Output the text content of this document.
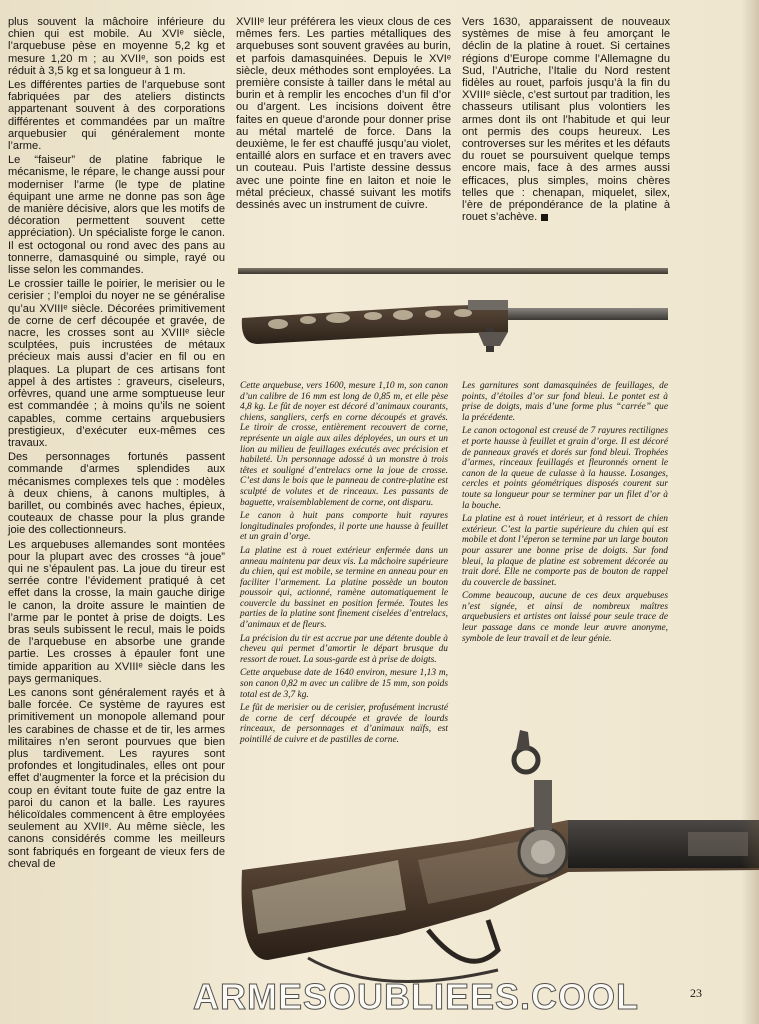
plus souvent la mâchoire inférieure du chien qui est mobile. Au XVIᵉ siècle, l’arquebuse pèse en moyenne 5,2 kg et mesure 1,20 m ; au XVIIᵉ, son poids est réduit à 3,5 kg et sa longueur à 1 m.

Les différentes parties de l’arquebuse sont fabriquées par des ateliers distincts appartenant souvent à des corporations différentes et commandées par un maître arquebusier qui généralement monte l’arme.

Le “faiseur” de platine fabrique le mécanisme, le répare, le change aussi pour moderniser l’arme (le type de platine équipant une arme ne donne pas son âge de manière décisive, alors que les motifs de décoration permettent souvent cette appréciation). Un spécialiste forge le canon. Il est octogonal ou rond avec des pans au tonnerre, damasquiné ou simple, rayé ou lisse selon les commandes.

Le crossier taille le poirier, le merisier ou le cerisier ; l’emploi du noyer ne se généralise qu’au XVIIIᵉ siècle. Décorées primitivement de corne de cerf découpée et gravée, de nacre, les crosses sont au XVIIIᵉ siècle sculptées, puis incrustées de métaux précieux mais aussi d’acier en fil ou en plaques. La plupart de ces artisans font appel à des artistes : graveurs, ciseleurs, orfèvres, quand une arme somptueuse leur est commandée ; à moins qu’ils ne soient capables, comme certains arquebusiers prestigieux, d’exécuter eux-mêmes ces travaux.

Des personnages fortunés passent commande d’armes splendides aux mécanismes complexes tels que : modèles à deux chiens, à canons multiples, à barillet, ou combinés avec haches, épieux, couteaux de chasse pour la plus grande joie des collectionneurs.

Les arquebuses allemandes sont montées pour la plupart avec des crosses “à joue” qui ne s’épaulent pas. La joue du tireur est serrée contre l’évidement pratiqué à cet effet dans la crosse, la main gauche dirige le canon, la droite assure le maintien de l’arme par le pontet à prise de doigts. Les bras seuls subissent le recul, mais le poids de l’arquebuse en absorbe une grande partie. Les crosses à épauler font une timide apparition au XVIIIᵉ siècle dans les pays germaniques.

Les canons sont généralement rayés et à balle forcée. Ce système de rayures est primitivement un monopole allemand pour les carabines de chasse et de tir, les armes militaires n’en seront pourvues que bien plus tardivement. Les rayures sont profondes et longitudinales, elles ont pour effet d’augmenter la force et la précision du coup en évitant toute fuite de gaz entre la paroi du canon et la balle. Les rayures hélicoïdales commencent à être employées seulement au XVIIᵉ. Au même siècle, les canons considérés comme les meilleurs sont fabriqués en forgeant de vieux fers de cheval de

XVIIIᵉ leur préférera les vieux clous de ces mêmes fers. Les parties métalliques des arquebuses sont souvent gravées au burin, et parfois damasquinées. Depuis le XVIᵉ siècle, deux méthodes sont employées. La première consiste à tailler dans le métal au burin et à remplir les encoches d’un fil d’or ou d’argent. Les incisions doivent être faites en queue d’aronde pour donner prise au métal martelé de force. Dans la deuxième, le fer est chauffé jusqu’au violet, entaillé alors en surface et en travers avec un couteau. Puis l’artiste dessine dessus avec une pointe fine en laiton et noie le métal précieux, chassé suivant les motifs dessinés avec un instrument de cuivre.

Vers 1630, apparaissent de nouveaux systèmes de mise à feu amorçant le déclin de la platine à rouet. Si certaines régions d’Europe comme l’Allemagne du Sud, l’Autriche, l’Italie du Nord restent fidèles au rouet, parfois jusqu’à la fin du XVIIIᵉ siècle, c’est surtout par tradition, les chasseurs utilisant plus volontiers les armes dont ils ont l’habitude et qui leur ont permis des coups heureux. Les controverses sur les mérites et les défauts du rouet se poursuivent quelque temps encore mais, face à des armes aussi efficaces, plus simples, moins chères telles que : chenapan, miquelet, silex, l’ère de prépondérance de la platine à rouet s’achève.

Cette arquebuse, vers 1600, mesure 1,10 m, son canon d’un calibre de 16 mm est long de 0,85 m, et elle pèse 4,8 kg. Le fût de noyer est décoré d’animaux courants, chiens, sangliers, cerfs en corne découpés et gravés. Le tiroir de crosse, entièrement recouvert de corne, représente un aigle aux ailes déployées, un ours et un lion au milieu de feuillages exécutés avec précision et habileté. Un personnage adossé à un monstre à trois têtes et souligné d’entrelacs orne la joue de crosse. C’est dans le bois que le panneau de contre-platine est sculpté de volutes et de rinceaux. Les passants de baguette, vraisemblablement de corne, ont disparu.

Le canon à huit pans comporte huit rayures longitudinales profondes, il porte une hausse à feuillet et un grain d’orge.

La platine est à rouet extérieur enfermée dans un anneau maintenu par deux vis. La mâchoire supérieure du chien, qui est mobile, se termine en anneau pour en faciliter l’armement. La platine possède un bouton poussoir qui, actionné, ramène automatiquement le couvercle du bassinet en position fermée. Toutes les parties de la platine sont finement ciselées d’entrelacs, d’animaux et de fleurs.

La précision du tir est accrue par une détente double à cheveu qui permet d’amortir le départ brusque du ressort de rouet. La sous-garde est à prise de doigts.

Cette arquebuse date de 1640 environ, mesure 1,13 m, son canon 0,82 m avec un calibre de 15 mm, son poids total est de 3,7 kg.

Le fût de merisier ou de cerisier, profusément incrusté de corne de cerf découpée et gravée de lourds rinceaux, de personnages et d’animaux naïfs, est pointillé de cuivre et de pastilles de corne.

Les garnitures sont damasquinées de feuillages, de points, d’étoiles d’or sur fond bleui. Le pontet est à prise de doigts, mais d’une forme plus “carrée” que la précédente.

Le canon octogonal est creusé de 7 rayures rectilignes et porte hausse à feuillet et grain d’orge. Il est décoré de panneaux gravés et dorés sur fond bleui. Trophées d’armes, rinceaux feuillagés et fleuronnés ornent le canon de la queue de culasse à la hausse. Losanges, cercles et points géométriques disposés courent sur toute sa longueur pour se terminer par un filet d’or à la bouche.

La platine est à rouet intérieur, et à ressort de chien extérieur. C’est la partie supérieure du chien qui est mobile et dont l’éperon se termine par un large bouton pour assurer une bonne prise de doigts. Sur fond bleui, la plaque de platine est sobrement décorée au trait doré. Elle ne comporte pas de bouton de rappel du couvercle de bassinet.

Comme beaucoup, aucune de ces deux arquebuses n’est signée, et ainsi de nombreux maîtres arquebusiers et artistes ont laissé pour seule trace de leur passage dans ce monde leur œuvre anonyme, symbole de leur travail et de leur génie.

ARMESOUBLIEES.COOL	23
